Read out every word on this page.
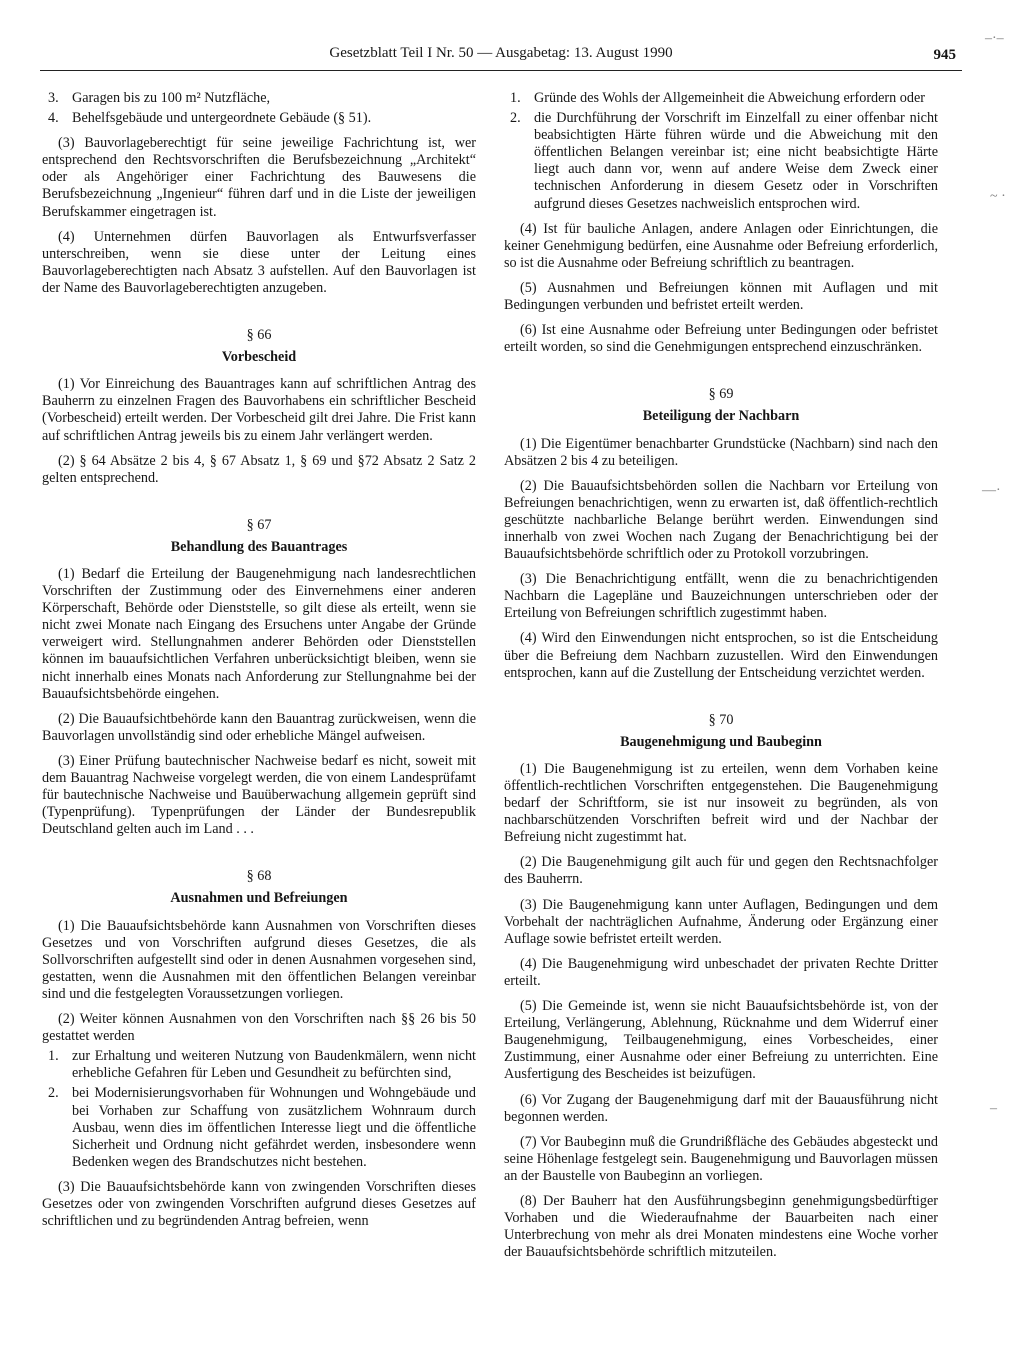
Gesetzblatt Teil I Nr. 50 — Ausgabetag: 13. August 1990	945
–·–
~ ·
—·
–
3. Garagen bis zu 100 m² Nutzfläche,
4. Behelfsgebäude und untergeordnete Gebäude (§ 51).

(3) Bauvorlageberechtigt für seine jeweilige Fachrichtung ist, wer entsprechend den Rechtsvorschriften die Berufsbezeichnung „Architekt“ oder als Angehöriger einer Fachrichtung des Bauwesens die Berufsbezeichnung „Ingenieur“ führen darf und in die Liste der jeweiligen Berufskammer eingetragen ist.

(4) Unternehmen dürfen Bauvorlagen als Entwurfsverfasser unterschreiben, wenn sie diese unter der Leitung eines Bauvorlageberechtigten nach Absatz 3 aufstellen. Auf den Bauvorlagen ist der Name des Bauvorlageberechtigten anzugeben.

§ 66
Vorbescheid

(1) Vor Einreichung des Bauantrages kann auf schriftlichen Antrag des Bauherrn zu einzelnen Fragen des Bauvorhabens ein schriftlicher Bescheid (Vorbescheid) erteilt werden. Der Vorbescheid gilt drei Jahre. Die Frist kann auf schriftlichen Antrag jeweils bis zu einem Jahr verlängert werden.

(2) § 64 Absätze 2 bis 4, § 67 Absatz 1, § 69 und §72 Absatz 2 Satz 2 gelten entsprechend.

§ 67
Behandlung des Bauantrages

(1) Bedarf die Erteilung der Baugenehmigung nach landesrechtlichen Vorschriften der Zustimmung oder des Einvernehmens einer anderen Körperschaft, Behörde oder Dienststelle, so gilt diese als erteilt, wenn sie nicht zwei Monate nach Eingang des Ersuchens unter Angabe der Gründe verweigert wird. Stellungnahmen anderer Behörden oder Dienststellen können im bauaufsichtlichen Verfahren unberücksichtigt bleiben, wenn sie nicht innerhalb eines Monats nach Anforderung zur Stellungnahme bei der Bauaufsichtsbehörde eingehen.

(2) Die Bauaufsichtbehörde kann den Bauantrag zurückweisen, wenn die Bauvorlagen unvollständig sind oder erhebliche Mängel aufweisen.

(3) Einer Prüfung bautechnischer Nachweise bedarf es nicht, soweit mit dem Bauantrag Nachweise vorgelegt werden, die von einem Landesprüfamt für bautechnische Nachweise und Bauüberwachung allgemein geprüft sind (Typenprüfung). Typenprüfungen der Länder der Bundesrepublik Deutschland gelten auch im Land . . .

§ 68
Ausnahmen und Befreiungen

(1) Die Bauaufsichtsbehörde kann Ausnahmen von Vorschriften dieses Gesetzes und von Vorschriften aufgrund dieses Gesetzes, die als Sollvorschriften aufgestellt sind oder in denen Ausnahmen vorgesehen sind, gestatten, wenn die Ausnahmen mit den öffentlichen Belangen vereinbar sind und die festgelegten Voraussetzungen vorliegen.

(2) Weiter können Ausnahmen von den Vorschriften nach §§ 26 bis 50 gestattet werden

1. zur Erhaltung und weiteren Nutzung von Baudenkmälern, wenn nicht erhebliche Gefahren für Leben und Gesundheit zu befürchten sind,
2. bei Modernisierungsvorhaben für Wohnungen und Wohngebäude und bei Vorhaben zur Schaffung von zusätzlichem Wohnraum durch Ausbau, wenn dies im öffentlichen Interesse liegt und die öffentliche Sicherheit und Ordnung nicht gefährdet werden, insbesondere wenn Bedenken wegen des Brandschutzes nicht bestehen.

(3) Die Bauaufsichtsbehörde kann von zwingenden Vorschriften dieses Gesetzes oder von zwingenden Vorschriften aufgrund dieses Gesetzes auf schriftlichen und zu begründenden Antrag befreien, wenn

1. Gründe des Wohls der Allgemeinheit die Abweichung erfordern oder
2. die Durchführung der Vorschrift im Einzelfall zu einer offenbar nicht beabsichtigten Härte führen würde und die Abweichung mit den öffentlichen Belangen vereinbar ist; eine nicht beabsichtigte Härte liegt auch dann vor, wenn auf andere Weise dem Zweck einer technischen Anforderung in diesem Gesetz oder in Vorschriften aufgrund dieses Gesetzes nachweislich entsprochen wird.

(4) Ist für bauliche Anlagen, andere Anlagen oder Einrichtungen, die keiner Genehmigung bedürfen, eine Ausnahme oder Befreiung erforderlich, so ist die Ausnahme oder Befreiung schriftlich zu beantragen.

(5) Ausnahmen und Befreiungen können mit Auflagen und mit Bedingungen verbunden und befristet erteilt werden.

(6) Ist eine Ausnahme oder Befreiung unter Bedingungen oder befristet erteilt worden, so sind die Genehmigungen entsprechend einzuschränken.

§ 69
Beteiligung der Nachbarn

(1) Die Eigentümer benachbarter Grundstücke (Nachbarn) sind nach den Absätzen 2 bis 4 zu beteiligen.

(2) Die Bauaufsichtsbehörden sollen die Nachbarn vor Erteilung von Befreiungen benachrichtigen, wenn zu erwarten ist, daß öffentlich-rechtlich geschützte nachbarliche Belange berührt werden. Einwendungen sind innerhalb von zwei Wochen nach Zugang der Benachrichtigung bei der Bauaufsichtsbehörde schriftlich oder zu Protokoll vorzubringen.

(3) Die Benachrichtigung entfällt, wenn die zu benachrichtigenden Nachbarn die Lagepläne und Bauzeichnungen unterschrieben oder der Erteilung von Befreiungen schriftlich zugestimmt haben.

(4) Wird den Einwendungen nicht entsprochen, so ist die Entscheidung über die Befreiung dem Nachbarn zuzustellen. Wird den Einwendungen entsprochen, kann auf die Zustellung der Entscheidung verzichtet werden.

§ 70
Baugenehmigung und Baubeginn

(1) Die Baugenehmigung ist zu erteilen, wenn dem Vorhaben keine öffentlich-rechtlichen Vorschriften entgegenstehen. Die Baugenehmigung bedarf der Schriftform, sie ist nur insoweit zu begründen, als von nachbarschützenden Vorschriften befreit wird und der Nachbar der Befreiung nicht zugestimmt hat.

(2) Die Baugenehmigung gilt auch für und gegen den Rechtsnachfolger des Bauherrn.

(3) Die Baugenehmigung kann unter Auflagen, Bedingungen und dem Vorbehalt der nachträglichen Aufnahme, Änderung oder Ergänzung einer Auflage sowie befristet erteilt werden.

(4) Die Baugenehmigung wird unbeschadet der privaten Rechte Dritter erteilt.

(5) Die Gemeinde ist, wenn sie nicht Bauaufsichtsbehörde ist, von der Erteilung, Verlängerung, Ablehnung, Rücknahme und dem Widerruf einer Baugenehmigung, Teilbaugenehmigung, eines Vorbescheides, einer Zustimmung, einer Ausnahme oder einer Befreiung zu unterrichten. Eine Ausfertigung des Bescheides ist beizufügen.

(6) Vor Zugang der Baugenehmigung darf mit der Bauausführung nicht begonnen werden.

(7) Vor Baubeginn muß die Grundrißfläche des Gebäudes abgesteckt und seine Höhenlage festgelegt sein. Baugenehmigung und Bauvorlagen müssen an der Baustelle von Baubeginn an vorliegen.

(8) Der Bauherr hat den Ausführungsbeginn genehmigungsbedürftiger Vorhaben und die Wiederaufnahme der Bauarbeiten nach einer Unterbrechung von mehr als drei Monaten mindestens eine Woche vorher der Bauaufsichtsbehörde schriftlich mitzuteilen.
